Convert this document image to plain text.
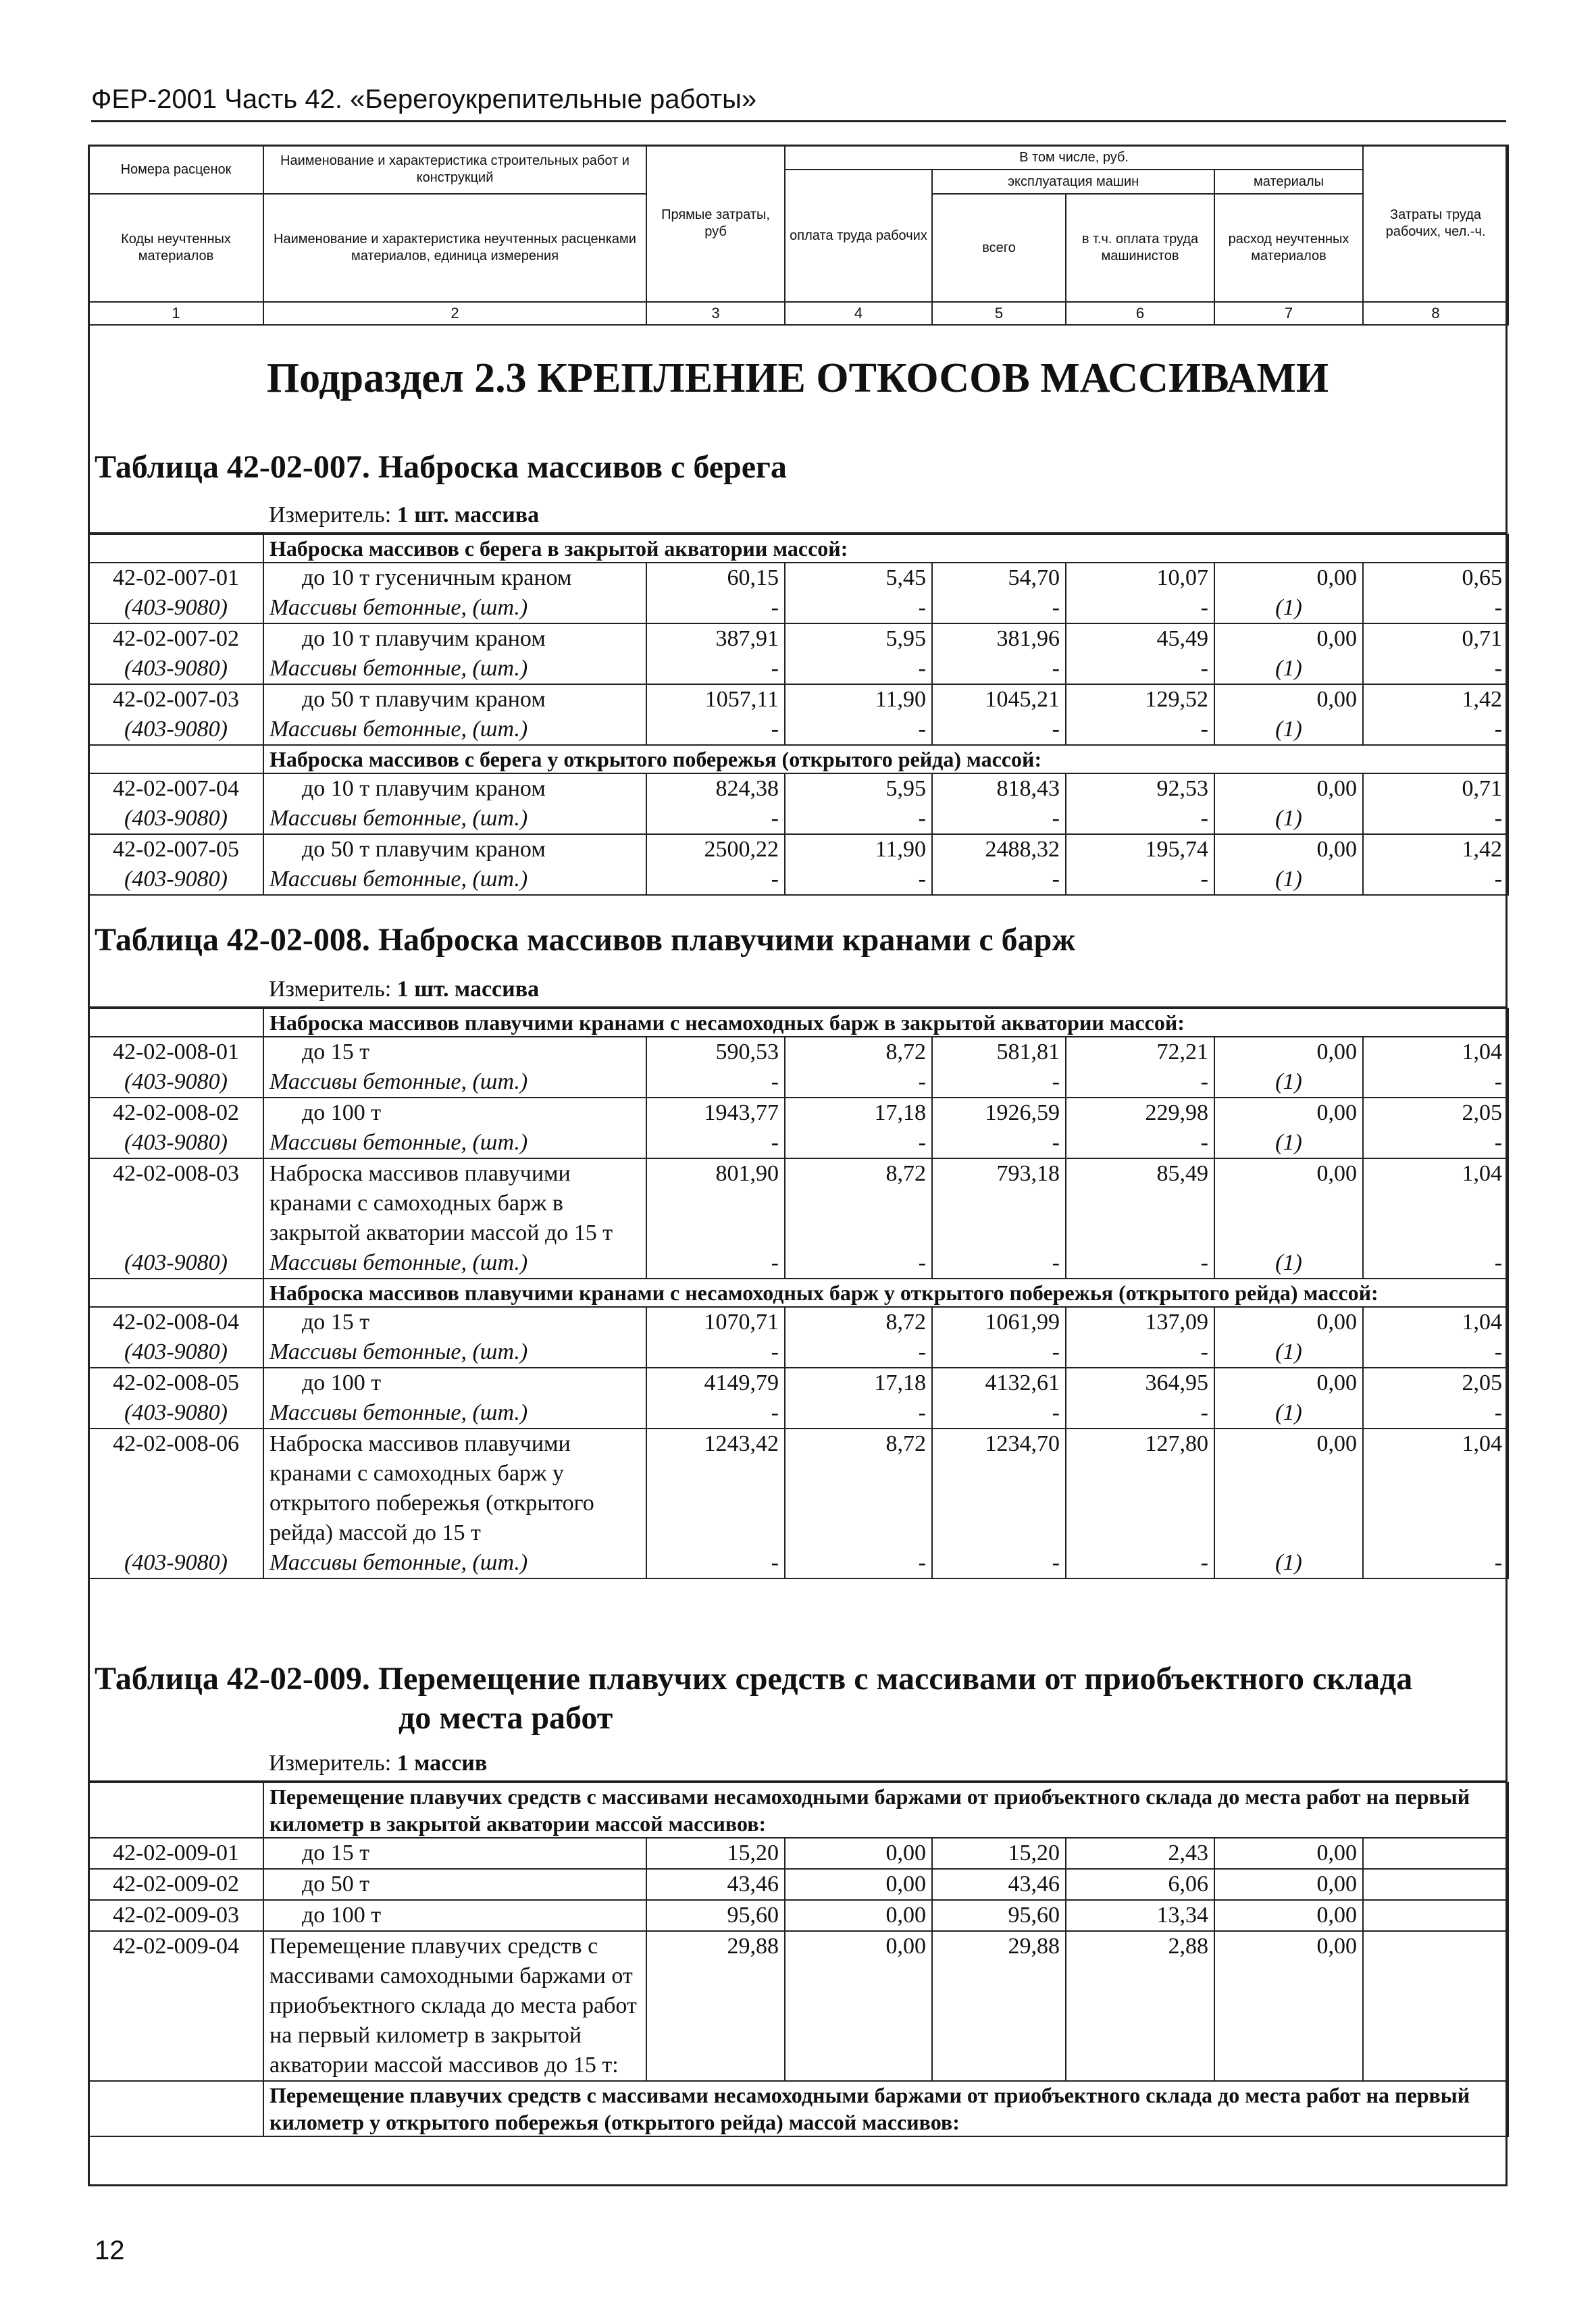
ФЕР-2001 Часть 42. «Берегоукрепительные работы»
Номера расценок	Наименование и характеристика строительных работ и конструкций	Прямые затраты, руб	В том числе, руб.				Затраты труда рабочих, чел.-ч.
			оплата труда рабочих	эксплуатация машин		материалы	
Коды неучтенных материалов	Наименование и характеристика неучтенных расценками материалов, единица измерения			всего	в т.ч. оплата труда машинистов	расход неучтенных материалов	

1	2	3	4	5	6	7	8
Подраздел 2.3 КРЕПЛЕНИЕ ОТКОСОВ МАССИВАМИ
Таблица 42-02-007. Наброска массивов с берега
Измеритель: 1 шт. массива
	Наброска массивов с берега в закрытой акватории массой:						
42-02-007-01	до 10 т гусеничным краном	60,15	5,45	54,70	10,07	0,00	0,65
(403-9080)	Массивы бетонные, (шт.)	-	-	-	-	(1)	-
42-02-007-02	до 10 т плавучим краном	387,91	5,95	381,96	45,49	0,00	0,71
(403-9080)	Массивы бетонные, (шт.)	-	-	-	-	(1)	-
42-02-007-03	до 50 т плавучим краном	1057,11	11,90	1045,21	129,52	0,00	1,42
(403-9080)	Массивы бетонные, (шт.)	-	-	-	-	(1)	-
	Наброска массивов с берега у открытого побережья (открытого рейда) массой:						
42-02-007-04	до 10 т плавучим краном	824,38	5,95	818,43	92,53	0,00	0,71
(403-9080)	Массивы бетонные, (шт.)	-	-	-	-	(1)	-
42-02-007-05	до 50 т плавучим краном	2500,22	11,90	2488,32	195,74	0,00	1,42
(403-9080)	Массивы бетонные, (шт.)	-	-	-	-	(1)	-
Таблица 42-02-008. Наброска массивов плавучими кранами с барж
Измеритель: 1 шт. массива
	Наброска массивов плавучими кранами с несамоходных барж в закрытой акватории массой:						
42-02-008-01	до 15 т	590,53	8,72	581,81	72,21	0,00	1,04
(403-9080)	Массивы бетонные, (шт.)	-	-	-	-	(1)	-
42-02-008-02	до 100 т	1943,77	17,18	1926,59	229,98	0,00	2,05
(403-9080)	Массивы бетонные, (шт.)	-	-	-	-	(1)	-
42-02-008-03	Наброска массивов плавучими кранами с самоходных барж в закрытой акватории массой до 15 т	801,90	8,72	793,18	85,49	0,00	1,04
(403-9080)	Массивы бетонные, (шт.)	-	-	-	-	(1)	-
	Наброска массивов плавучими кранами с несамоходных барж у открытого побережья (открытого рейда) массой:						
42-02-008-04	до 15 т	1070,71	8,72	1061,99	137,09	0,00	1,04
(403-9080)	Массивы бетонные, (шт.)	-	-	-	-	(1)	-
42-02-008-05	до 100 т	4149,79	17,18	4132,61	364,95	0,00	2,05
(403-9080)	Массивы бетонные, (шт.)	-	-	-	-	(1)	-
42-02-008-06	Наброска массивов плавучими кранами с самоходных барж у открытого побережья (открытого рейда) массой до 15 т	1243,42	8,72	1234,70	127,80	0,00	1,04
(403-9080)	Массивы бетонные, (шт.)	-	-	-	-	(1)	-
Таблица 42-02-009. Перемещение плавучих средств с массивами от приобъектного склада
до места работ
Измеритель: 1 массив
	Перемещение плавучих средств с массивами несамоходными баржами от приобъектного склада до места работ на первый километр в закрытой акватории массой массивов:						
42-02-009-01	до 15 т	15,20	0,00	15,20	2,43	0,00	
42-02-009-02	до 50 т	43,46	0,00	43,46	6,06	0,00	
42-02-009-03	до 100 т	95,60	0,00	95,60	13,34	0,00	
42-02-009-04	Перемещение плавучих средств с массивами самоходными баржами от приобъектного склада до места работ на первый километр в закрытой акватории массой массивов до 15 т:	29,88	0,00	29,88	2,88	0,00	
	Перемещение плавучих средств с массивами несамоходными баржами от приобъектного склада до места работ на первый километр у открытого побережья (открытого рейда) массой массивов:						
12
